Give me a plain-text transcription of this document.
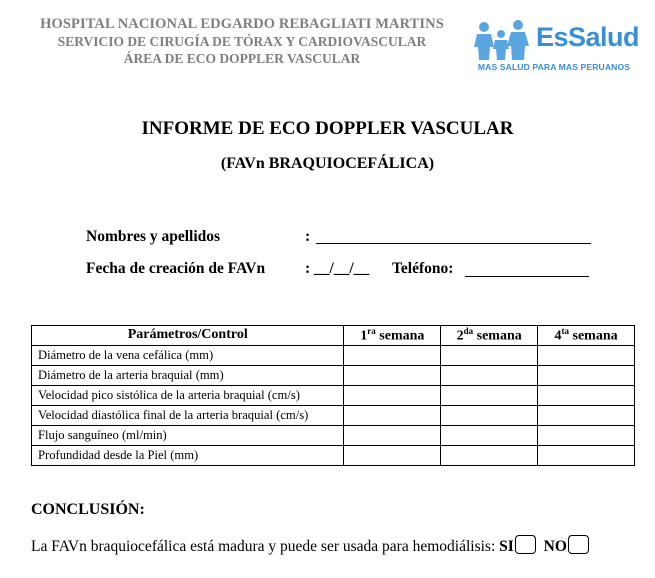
HOSPITAL NACIONAL EDGARDO REBAGLIATI MARTINS
SERVICIO DE CIRUGÍA DE TÓRAX Y CARDIOVASCULAR
ÁREA DE ECO DOPPLER VASCULAR
EsSalud
MAS SALUD PARA MAS PERUANOS
INFORME DE ECO DOPPLER VASCULAR
(FAVn BRAQUIOCEFÁLICA)
Nombres y apellidos	:
Fecha de creación de FAVn	: __/__/__ Teléfono:
Parámetros/Control	$1^{ra}$ semana	$2^{da}$ semana	$4^{ta}$ semana
Diámetro de la vena cefálica (mm)			
Diámetro de la arteria braquial (mm)			
Velocidad pico sistólica de la arteria braquial (cm/s)			
Velocidad diastólica final de la arteria braquial (cm/s)			
Flujo sanguíneo (ml/min)			
Profundidad desde la Piel (mm)			
CONCLUSIÓN:
La FAVn braquiocefálica está madura y puede ser usada para hemodiálisis: SI NO
